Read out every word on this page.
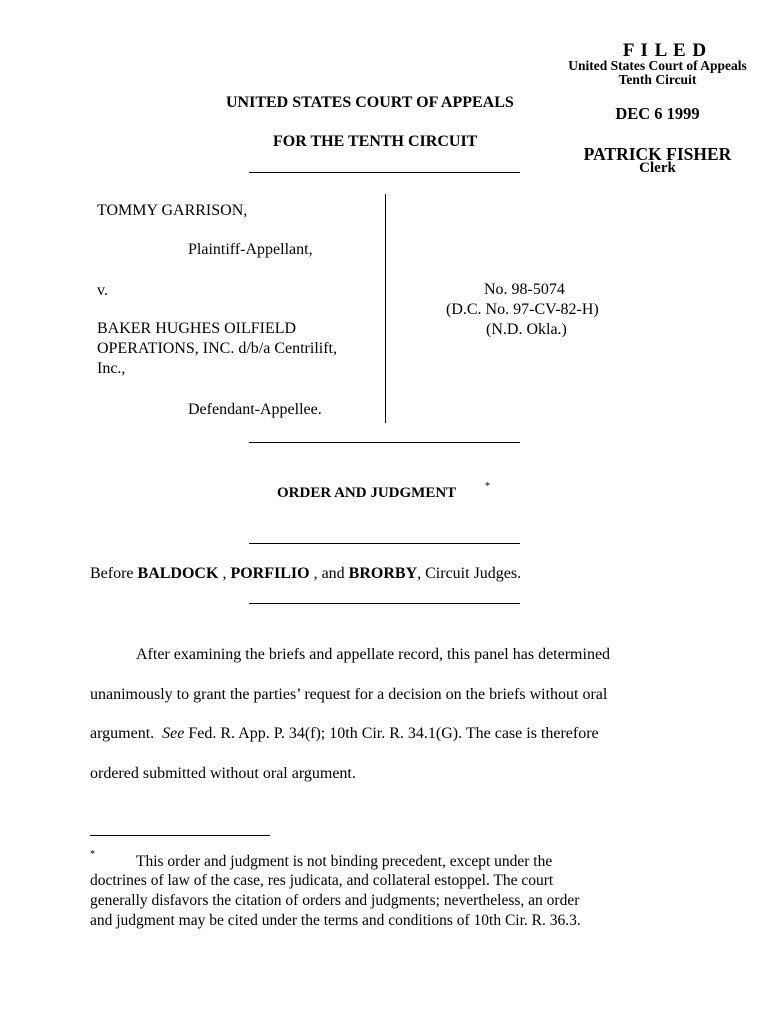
F I L E D
United States Court of Appeals
Tenth Circuit
DEC 6 1999
PATRICK FISHER
Clerk
UNITED STATES COURT OF APPEALS
FOR THE TENTH CIRCUIT
TOMMY GARRISON,
Plaintiff-Appellant,
v.
BAKER HUGHES OILFIELD
OPERATIONS, INC. d/b/a Centrilift,
Inc.,
Defendant-Appellee.
No. 98-5074
(D.C. No. 97-CV-82-H)
(N.D. Okla.)
ORDER AND JUDGMENT	*
Before BALDOCK , PORFILIO , and BRORBY, Circuit Judges.
After examining the briefs and appellate record, this panel has determined
unanimously to grant the parties’ request for a decision on the briefs without oral
argument. See Fed. R. App. P. 34(f); 10th Cir. R. 34.1(G). The case is therefore
ordered submitted without oral argument.
*	This order and judgment is not binding precedent, except under the
doctrines of law of the case, res judicata, and collateral estoppel. The court
generally disfavors the citation of orders and judgments; nevertheless, an order
and judgment may be cited under the terms and conditions of 10th Cir. R. 36.3.
